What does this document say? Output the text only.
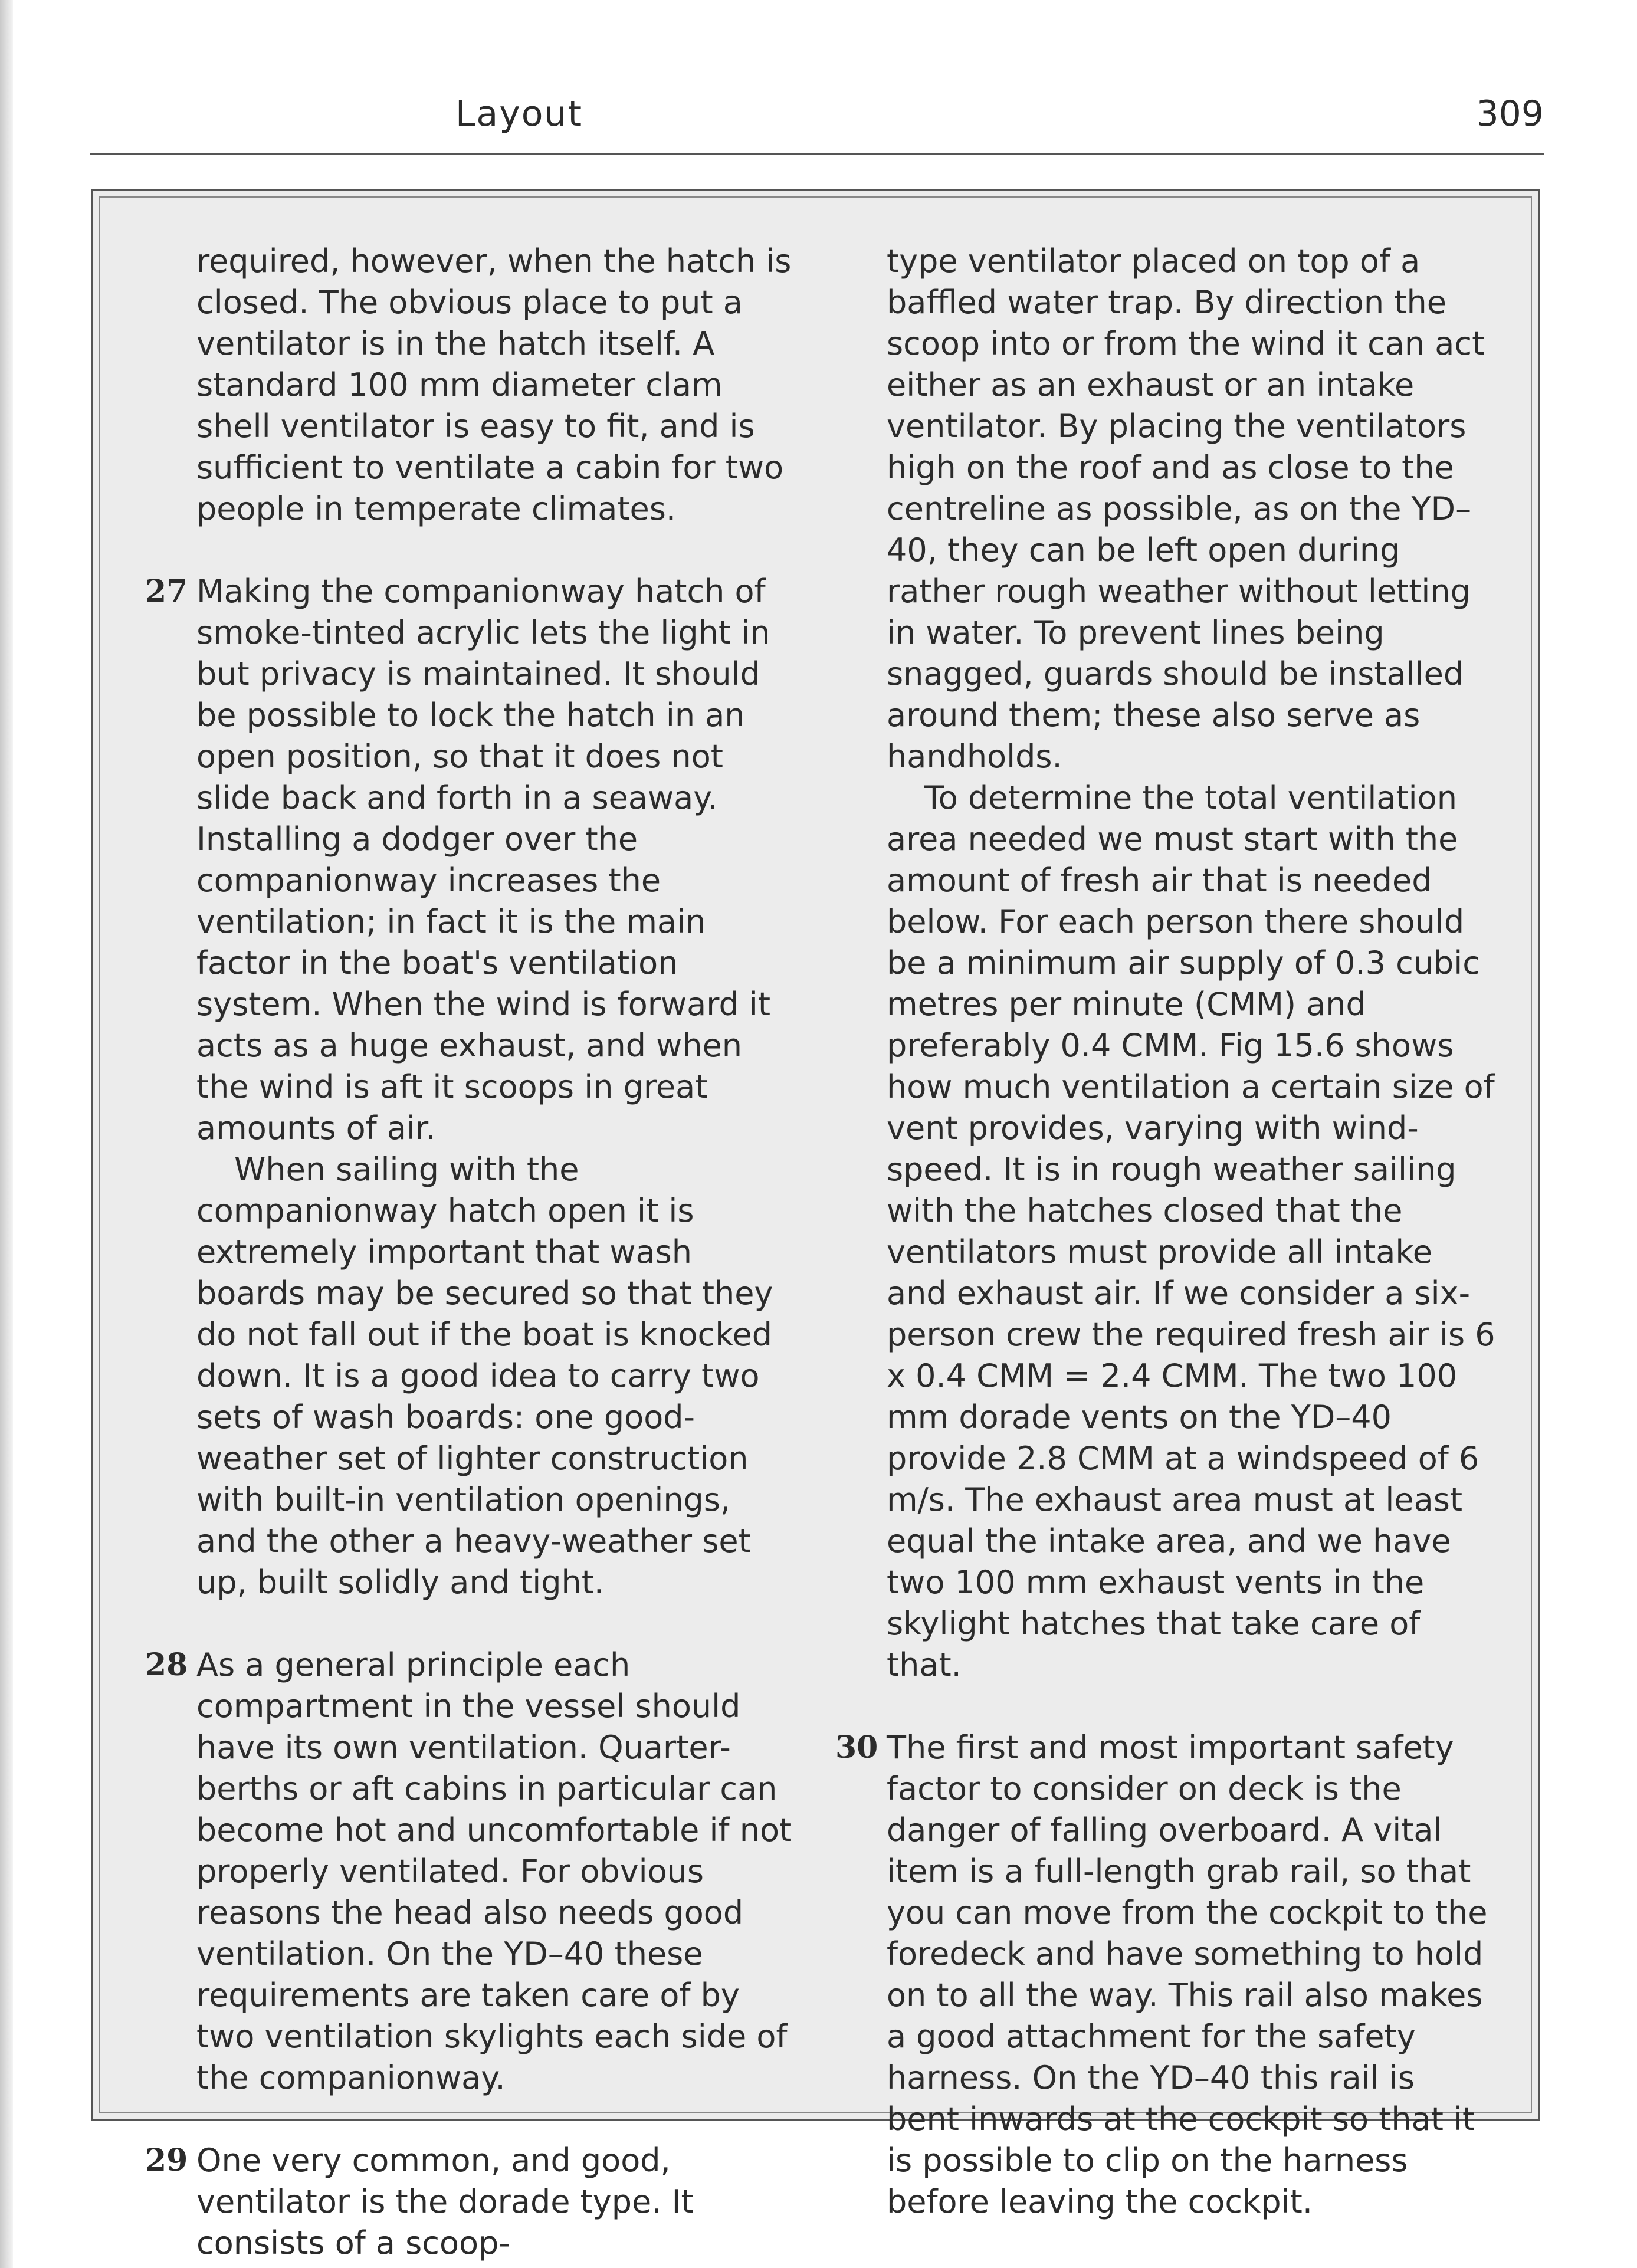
Layout	309

required, however, when the hatch is closed. The obvious place to put a ventilator is in the hatch itself. A standard 100 mm diameter clam shell ventilator is easy to fit, and is sufficient to ventilate a cabin for two people in temperate climates.

27 Making the companionway hatch of smoke-tinted acrylic lets the light in but privacy is maintained. It should be possible to lock the hatch in an open position, so that it does not slide back and forth in a seaway. Installing a dodger over the companionway increases the ventilation; in fact it is the main factor in the boat's ventilation system. When the wind is forward it acts as a huge exhaust, and when the wind is aft it scoops in great amounts of air.

When sailing with the companionway hatch open it is extremely important that wash boards may be secured so that they do not fall out if the boat is knocked down. It is a good idea to carry two sets of wash boards: one good-weather set of lighter construction with built-in ventilation openings, and the other a heavy-weather set up, built solidly and tight.

28 As a general principle each compartment in the vessel should have its own ventilation. Quarter-berths or aft cabins in particular can become hot and uncomfortable if not properly ventilated. For obvious reasons the head also needs good ventilation. On the YD–40 these requirements are taken care of by two ventilation skylights each side of the companionway.

29 One very common, and good, ventilator is the dorade type. It consists of a scoop-

type ventilator placed on top of a baffled water trap. By direction the scoop into or from the wind it can act either as an exhaust or an intake ventilator. By placing the ventilators high on the roof and as close to the centreline as possible, as on the YD–40, they can be left open during rather rough weather without letting in water. To prevent lines being snagged, guards should be installed around them; these also serve as handholds.

To determine the total ventilation area needed we must start with the amount of fresh air that is needed below. For each person there should be a minimum air supply of 0.3 cubic metres per minute (CMM) and preferably 0.4 CMM. Fig 15.6 shows how much ventilation a certain size of vent provides, varying with wind-speed. It is in rough weather sailing with the hatches closed that the ventilators must provide all intake and exhaust air. If we consider a six-person crew the required fresh air is 6 x 0.4 CMM = 2.4 CMM. The two 100 mm dorade vents on the YD–40 provide 2.8 CMM at a windspeed of 6 m/s. The exhaust area must at least equal the intake area, and we have two 100 mm exhaust vents in the skylight hatches that take care of that.

30 The first and most important safety factor to consider on deck is the danger of falling overboard. A vital item is a full-length grab rail, so that you can move from the cockpit to the foredeck and have something to hold on to all the way. This rail also makes a good attachment for the safety harness. On the YD–40 this rail is bent inwards at the cockpit so that it is possible to clip on the harness before leaving the cockpit.
